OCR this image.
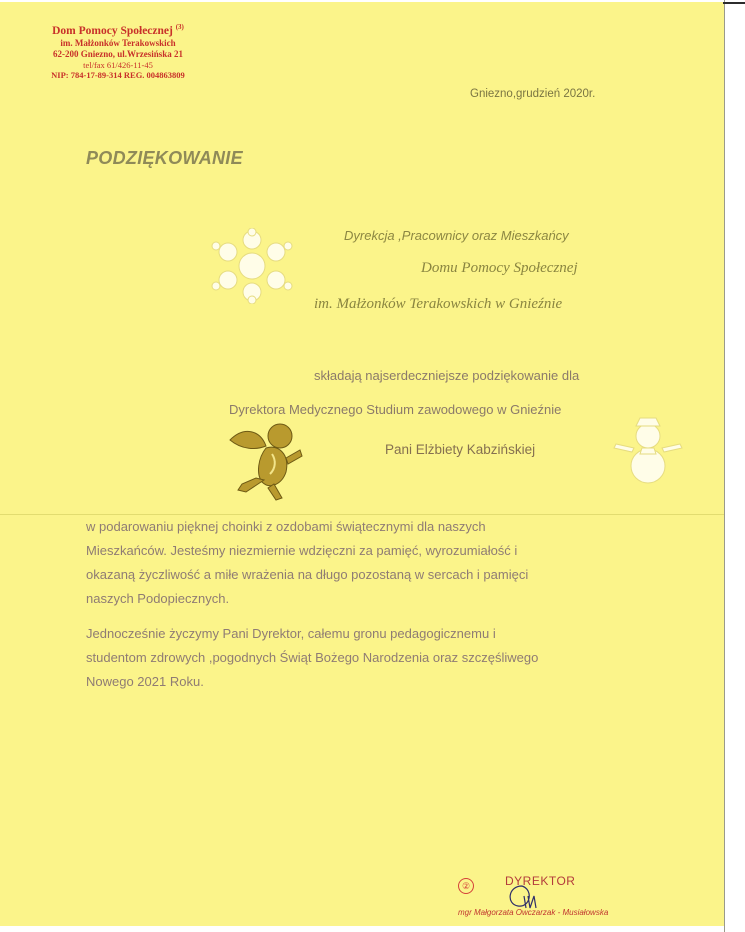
Dom Pomocy Społecznej $^{(3)}$
im. Małżonków Terakowskich
62-200 Gniezno, ul.Wrzesińska 21
tel/fax 61/426-11-45
NIP: 784-17-89-314 REG. 004863809
Gniezno,grudzień 2020r.
PODZIĘKOWANIE
Dyrekcja ,Pracownicy oraz Mieszkańcy
Domu Pomocy Społecznej
im. Małżonków Terakowskich w Gnieźnie
składają najserdeczniejsze podziękowanie dla
Dyrektora Medycznego Studium zawodowego w Gnieźnie
Pani Elżbiety Kabzińskiej
w podarowaniu pięknej choinki z ozdobami świątecznymi dla naszych
Mieszkańców. Jesteśmy niezmiernie wdzięczni za pamięć, wyrozumiałość i
okazaną życzliwość a miłe wrażenia na długo pozostaną w sercach i pamięci
naszych Podopiecznych.
Jednocześnie życzymy Pani Dyrektor, całemu gronu pedagogicznemu i
studentom zdrowych ,pogodnych Świąt Bożego Narodzenia oraz szczęśliwego
Nowego 2021 Roku.
②	DYREKTOR
mgr Małgorzata Owczarzak - Musiałowska
